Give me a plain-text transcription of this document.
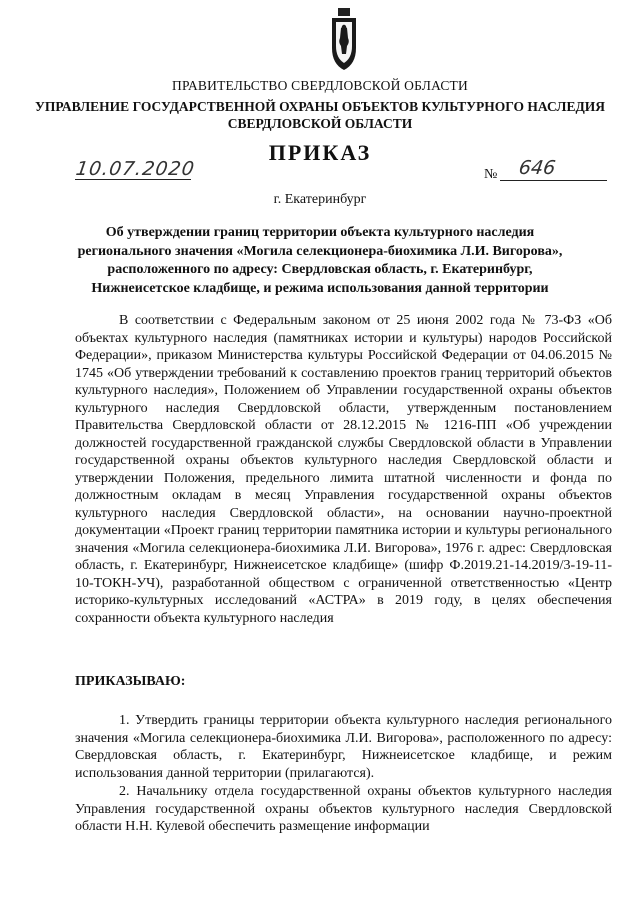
ПРАВИТЕЛЬСТВО СВЕРДЛОВСКОЙ ОБЛАСТИ
УПРАВЛЕНИЕ ГОСУДАРСТВЕННОЙ ОХРАНЫ ОБЪЕКТОВ КУЛЬТУРНОГО НАСЛЕДИЯ
СВЕРДЛОВСКОЙ ОБЛАСТИ
ПРИКАЗ
10.07.2020	№ 646
г. Екатеринбург
Об утверждении границ территории объекта культурного наследия регионального значения «Могила селекционера-биохимика Л.И. Вигорова», расположенного по адресу: Свердловская область, г. Екатеринбург, Нижнеисетское кладбище, и режима использования данной территории

В соответствии с Федеральным законом от 25 июня 2002 года № 73-ФЗ «Об объектах культурного наследия (памятниках истории и культуры) народов Российской Федерации», приказом Министерства культуры Российской Федерации от 04.06.2015 № 1745 «Об утверждении требований к составлению проектов границ территорий объектов культурного наследия», Положением об Управлении государственной охраны объектов культурного наследия Свердловской области, утвержденным постановлением Правительства Свердловской области от 28.12.2015 № 1216-ПП «Об учреждении должностей государственной гражданской службы Свердловской области в Управлении государственной охраны объектов культурного наследия Свердловской области и утверждении Положения, предельного лимита штатной численности и фонда по должностным окладам в месяц Управления государственной охраны объектов культурного наследия Свердловской области», на основании научно-проектной документации «Проект границ территории памятника истории и культуры регионального значения «Могила селекционера-биохимика Л.И. Вигорова», 1976 г. адрес: Свердловская область, г. Екатеринбург, Нижнеисетское кладбище» (шифр Ф.2019.21-14.2019/3-19-11-10-ТОКН-УЧ), разработанной обществом с ограниченной ответственностью «Центр историко-культурных исследований «АСТРА» в 2019 году, в целях обеспечения сохранности объекта культурного наследия

ПРИКАЗЫВАЮ:

1. Утвердить границы территории объекта культурного наследия регионального значения «Могила селекционера-биохимика Л.И. Вигорова», расположенного по адресу: Свердловская область, г. Екатеринбург, Нижнеисетское кладбище, и режим использования данной территории (прилагаются).

2. Начальнику отдела государственной охраны объектов культурного наследия Управления государственной охраны объектов культурного наследия Свердловской области Н.Н. Кулевой обеспечить размещение информации
